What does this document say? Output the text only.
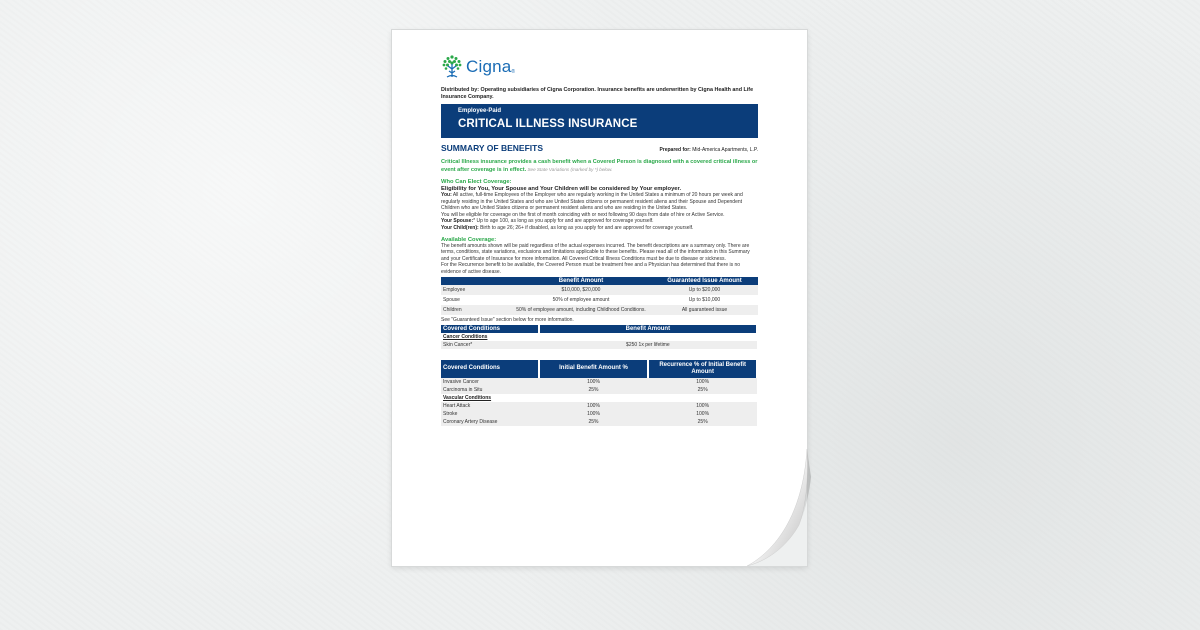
Cigna ®
Distributed by: Operating subsidiaries of Cigna Corporation. Insurance benefits are underwritten by Cigna Health and Life Insurance Company.
Employee-Paid
CRITICAL ILLNESS INSURANCE
SUMMARY OF BENEFITS	Prepared for: Mid-America Apartments, L.P.
Critical Illness insurance provides a cash benefit when a Covered Person is diagnosed with a covered critical illness or event after coverage is in effect. See State Variations (marked by *) below.
Who Can Elect Coverage:
Eligibility for You, Your Spouse and Your Children will be considered by Your employer.
You: All active, full-time Employees of the Employer who are regularly working in the United States a minimum of 20 hours per week and regularly residing in the United States and who are United States citizens or permanent resident aliens and their Spouse and Dependent Children who are United States citizens or permanent resident aliens and who are residing in the United States.
You will be eligible for coverage on the first of month coinciding with or next following 90 days from date of hire or Active Service.
Your Spouse:* Up to age 100, as long as you apply for and are approved for coverage yourself.
Your Child(ren): Birth to age 26; 26+ if disabled, as long as you apply for and are approved for coverage yourself.
Available Coverage:
The benefit amounts shown will be paid regardless of the actual expenses incurred. The benefit descriptions are a summary only. There are terms, conditions, state variations, exclusions and limitations applicable to these benefits. Please read all of the information in this Summary and your Certificate of Insurance for more information. All Covered Critical Illness Conditions must be due to disease or sickness.
For the Recurrence benefit to be available, the Covered Person must be treatment free and a Physician has determined that there is no evidence of active disease.
	Benefit Amount	Guaranteed Issue Amount
Employee	$10,000, $20,000	Up to $20,000
Spouse	50% of employee amount	Up to $10,000
Children	50% of employee amount, including Childhood Conditions.	All guaranteed issue
See "Guaranteed Issue" section below for more information.
Covered Conditions	Benefit Amount
Cancer Conditions	
Skin Cancer*	$250 1x per lifetime
Covered Conditions	Initial Benefit Amount %	Recurrence % of Initial Benefit Amount
Invasive Cancer	100%	100%
Carcinoma in Situ	25%	25%
Vascular Conditions		
Heart Attack	100%	100%
Stroke	100%	100%
Coronary Artery Disease	25%	25%
